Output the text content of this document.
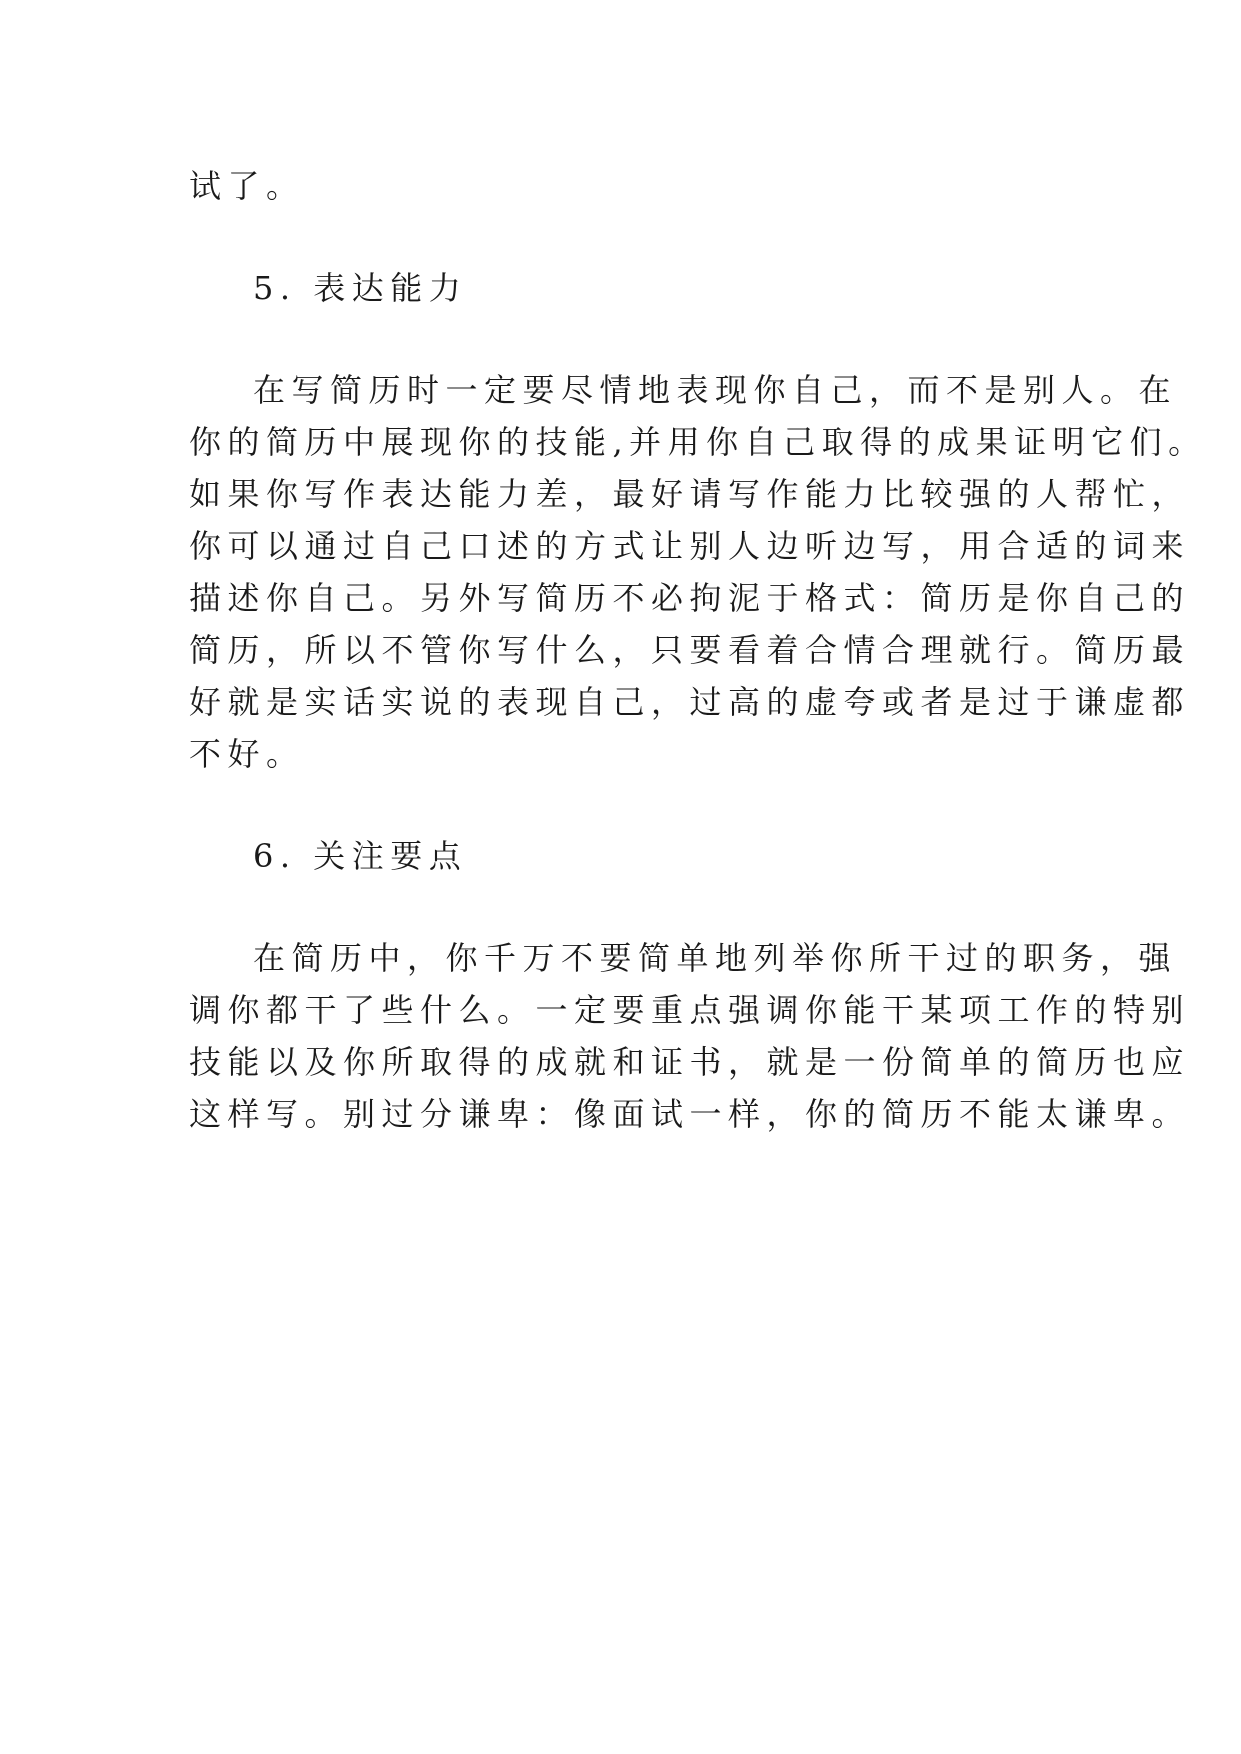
试了。
5. 表达能力
在写简历时一定要尽情地表现你自己，而不是别人。在
你的简历中展现你的技能,并用你自己取得的成果证明它们。
如果你写作表达能力差，最好请写作能力比较强的人帮忙，
你可以通过自己口述的方式让别人边听边写，用合适的词来
描述你自己。另外写简历不必拘泥于格式：简历是你自己的
简历，所以不管你写什么，只要看着合情合理就行。简历最
好就是实话实说的表现自己，过高的虚夸或者是过于谦虚都
不好。
6. 关注要点
在简历中，你千万不要简单地列举你所干过的职务，强
调你都干了些什么。一定要重点强调你能干某项工作的特别
技能以及你所取得的成就和证书，就是一份简单的简历也应
这样写。别过分谦卑：像面试一样，你的简历不能太谦卑。
